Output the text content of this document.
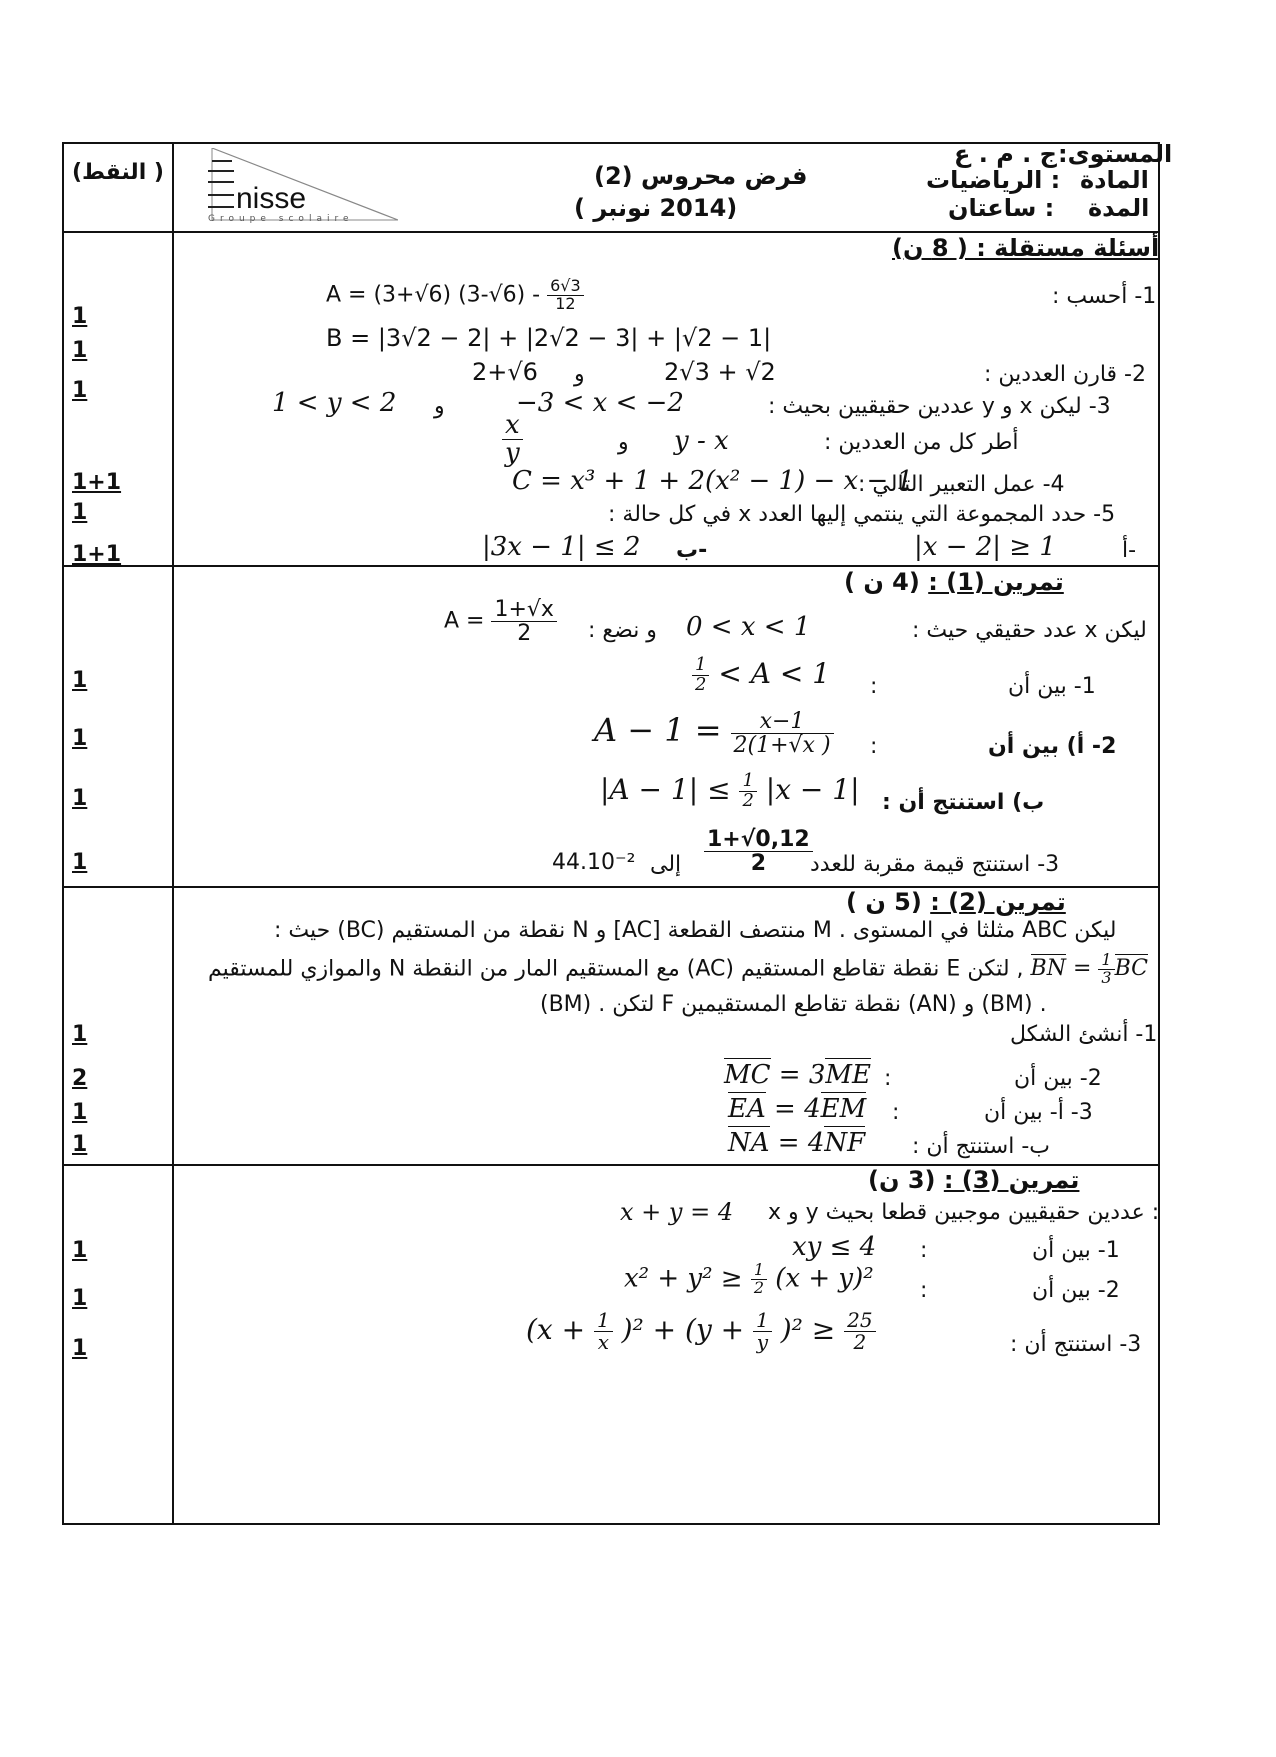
( النقط)
nisse
Groupe scolaire
فرض محروس (2)
(2014 نونبر )
ج . م . ع المستوى:
: الرياضيات المادة
: ساعتان المدة
1
1
1
1+1
1
1+1
أسئلة مستقلة : ( 8 ن)
1- أحسب :
A = (3+√6) $(3-√6) - \frac{6√3}{12}$
B = |3√2 − 2| + |2√2 − 3| + |√2 − 1|
2- قارن العددين :
2√3 + √2
و
2+√6
3- ليكن x و y عددين حقيقيين بحيث :
−3 < x < −2
و
1 < y < 2
أطر كل من العددين :
y - x
و
$\frac{x}{y}$
4- عمل التعبير التالي :
C = x³ + 1 + 2(x² − 1) − x − 1
5- حدد المجموعة التي ينتمي إليها العدد x في كل حالة :
أ-
|x − 2| ≥ 1
ب-
|3x − 1| ≤ 2
1
1
1
1
تمرين (1) : (4 ن )
ليكن x عدد حقيقي حيث :
0 < x < 1
و نضع :
$A = \frac{1+√x}{2}$
1- بين أن
:
$\frac{1}{2} < A < 1$
2- أ) بين أن
:
$A - 1 = \frac{x-1}{2(1+√x )}$
ب) استنتج أن :
$|A - 1| \le \frac{1}{2} |x - 1|$
3- استنتج قيمة مقربة للعدد
$\frac{1+√0,12}{2}$
إلى
44.10⁻²
1
2
1
1
تمرين (2) : (5 ن )
ليكن ABC مثلثا في المستوى . M منتصف القطعة [AC] و N نقطة من المستقيم (BC) حيث :
BN = $\frac{1}{3}$ BC , لتكن E نقطة تقاطع المستقيم (AC) مع المستقيم المار من النقطة N والموازي للمستقيم
(BM) . لتكن F نقطة تقاطع المستقيمين (AN) و (BM) .
1- أنشئ الشكل
2- بين أن
:
MC = 3ME
3- أ- بين أن
:
EA = 4EM
ب- استنتج أن :
NA = 4NF
1
1
1
تمرين (3) : (3 ن)
x و y عددين حقيقيين موجبين قطعا بحيث :
x + y = 4
1- بين أن
:
xy ≤ 4
2- بين أن
:
$x^2 + y^2 \ge \frac{1}{2} (x + y)^2$
3- استنتج أن :
$(x + \frac{1}{x} )^2 + (y + \frac{1}{y} )^2 \ge \frac{25}{2}$
